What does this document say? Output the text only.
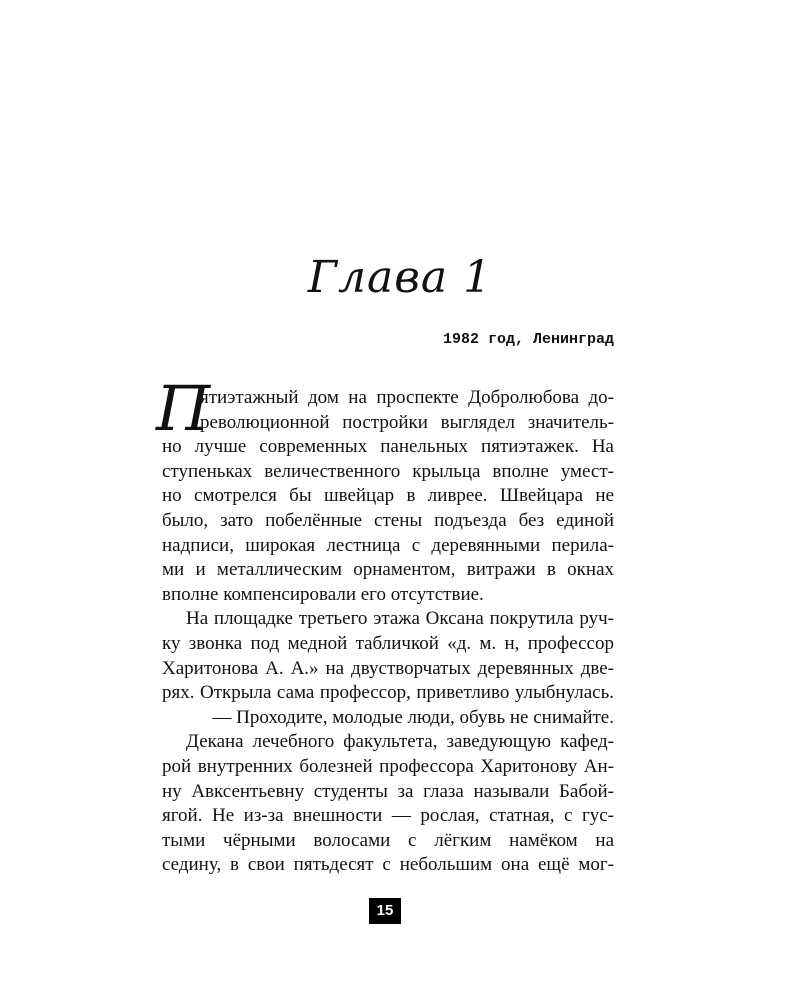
Глава 1
1982 год, Ленинград
П
ятиэтажный дом на проспекте Добролюбова до-
революционной постройки выглядел значитель-
но лучше современных панельных пятиэтажек. На
ступеньках величественного крыльца вполне умест-
но смотрелся бы швейцар в ливрее. Швейцара не
было, зато побелённые стены подъезда без единой
надписи, широкая лестница с деревянными перила-
ми и металлическим орнаментом, витражи в окнах
вполне компенсировали его отсутствие.
На площадке третьего этажа Оксана покрутила руч-
ку звонка под медной табличкой «д. м. н, профессор
Харитонова А. А.» на двустворчатых деревянных две-
рях. Открыла сама профессор, приветливо улыбнулась.
— Проходите, молодые люди, обувь не снимайте.
Декана лечебного факультета, заведующую кафед-
рой внутренних болезней профессора Харитонову Ан-
ну Авксентьевну студенты за глаза называли Бабой-
ягой. Не из-за внешности — рослая, статная, с гус-
тыми чёрными волосами с лёгким намёком на
седину, в свои пятьдесят с небольшим она ещё мог-
15
